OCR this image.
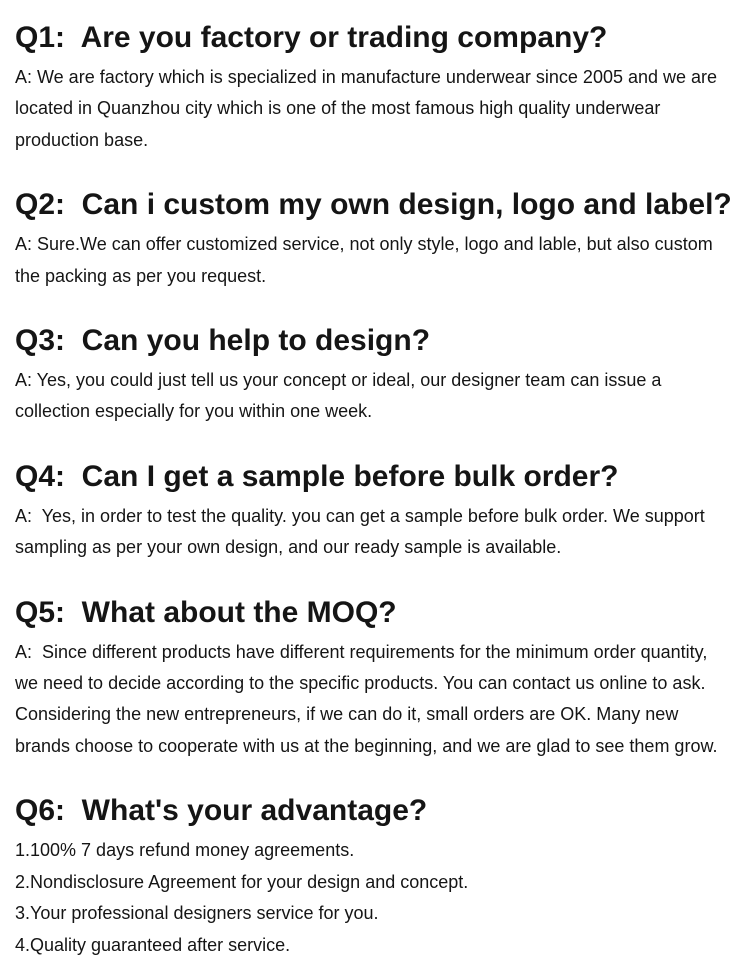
Q1:  Are you factory or trading company?

A: We are factory which is specialized in manufacture underwear since 2005 and we are

located in Quanzhou city which is one of the most famous high quality underwear

production base.

Q2:  Can i custom my own design, logo and label?

A: Sure.We can offer customized service, not only style, logo and lable, but also custom

the packing as per you request.

Q3:  Can you help to design?

A: Yes, you could just tell us your concept or ideal, our designer team can issue a

collection especially for you within one week.

Q4:  Can I get a sample before bulk order?

A:  Yes, in order to test the quality. you can get a sample before bulk order. We support

sampling as per your own design, and our ready sample is available.

Q5:  What about the MOQ?

A:  Since different products have different requirements for the minimum order quantity,

we need to decide according to the specific products. You can contact us online to ask.

Considering the new entrepreneurs, if we can do it, small orders are OK. Many new

brands choose to cooperate with us at the beginning, and we are glad to see them grow.

Q6:  What's your advantage?

1.100% 7 days refund money agreements.

2.Nondisclosure Agreement for your design and concept.

3.Your professional designers service for you.

4.Quality guaranteed after service.
